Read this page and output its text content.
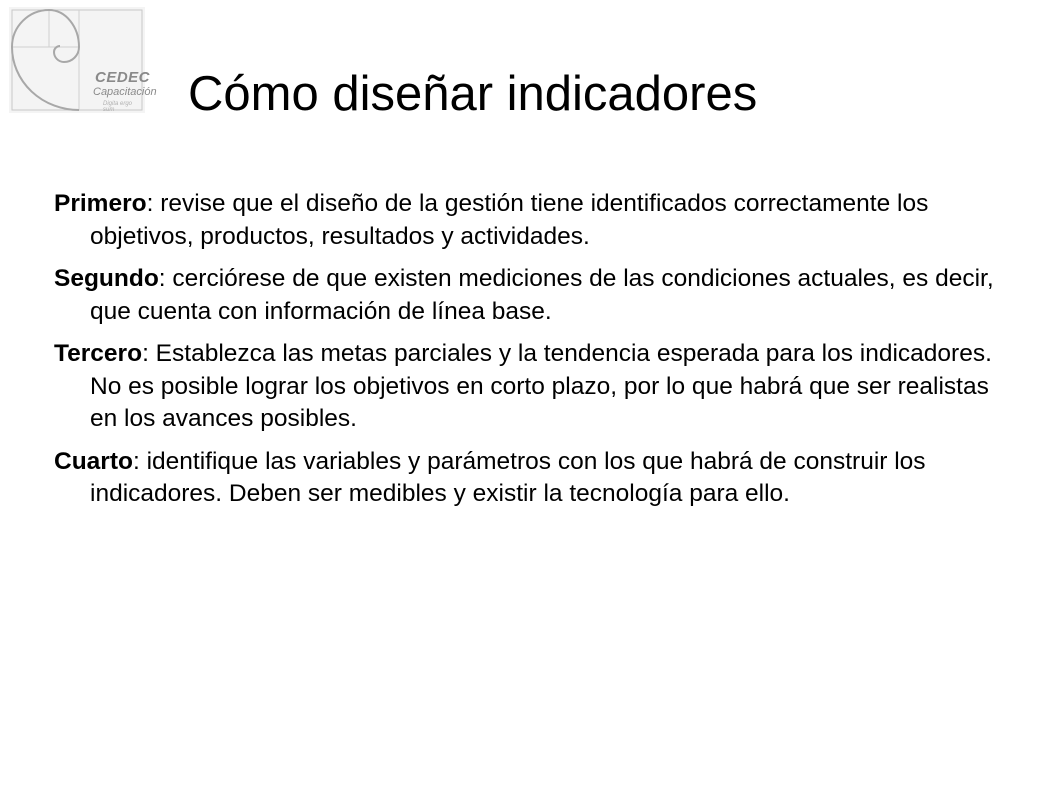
CEDEC
Capacitación
Digita ergo sum	Cómo diseñar indicadores

Primero: revise que el diseño de la gestión tiene identificados correctamente los objetivos, productos, resultados y actividades.

Segundo: cerciórese de que existen mediciones de las condiciones actuales, es decir, que cuenta con información de línea base.

Tercero: Establezca las metas parciales y la tendencia esperada para los indicadores. No es posible lograr los objetivos en corto plazo, por lo que habrá que ser realistas en los avances posibles.

Cuarto: identifique las variables y parámetros con los que habrá de construir los indicadores. Deben ser medibles y existir la tecnología para ello.
